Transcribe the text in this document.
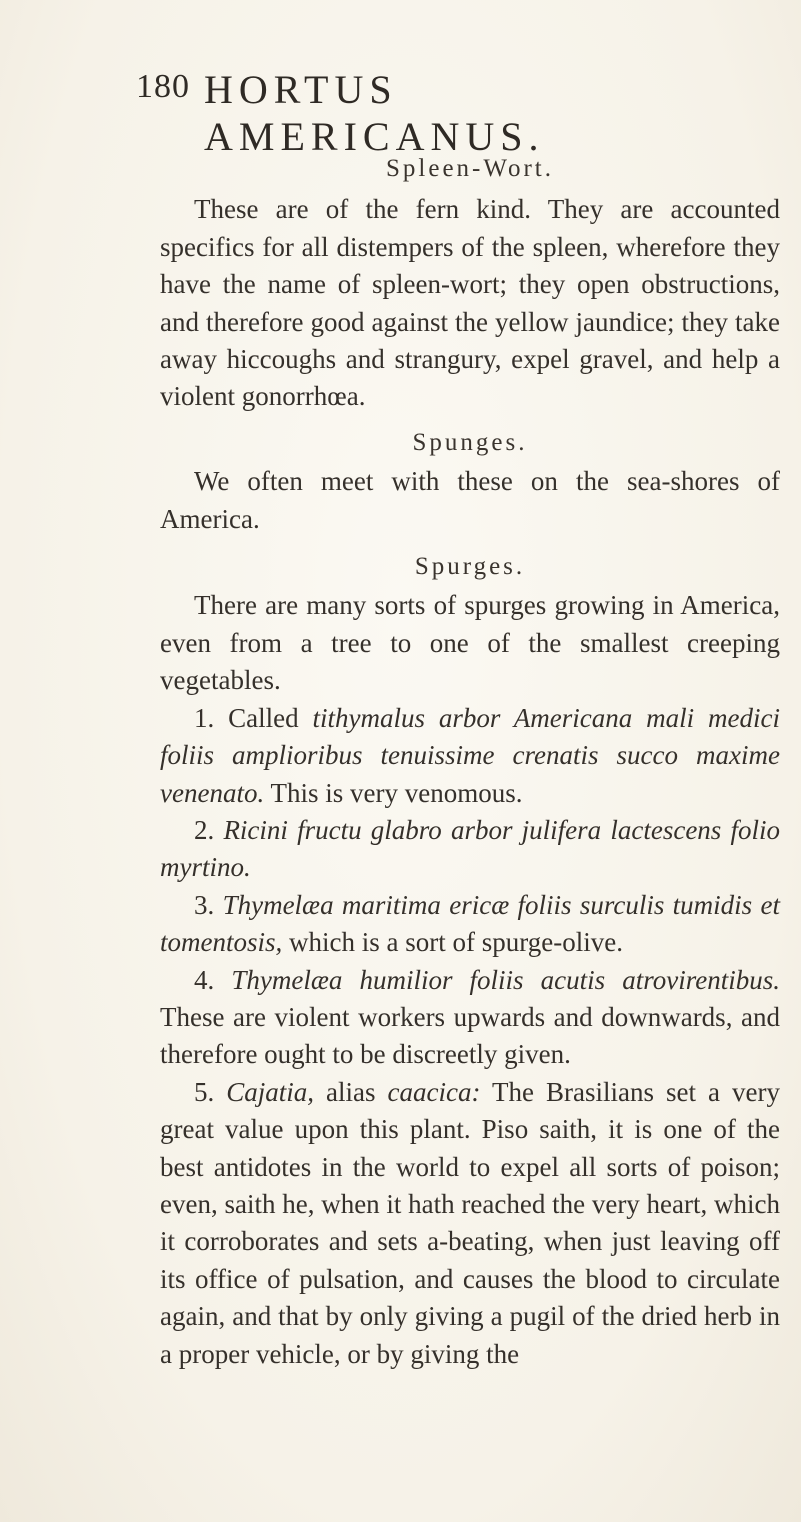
180 HORTUS AMERICANUS.

Spleen-Wort.

These are of the fern kind. They are accounted specifics for all distempers of the spleen, wherefore they have the name of spleen-wort; they open obstructions, and therefore good against the yellow jaundice; they take away hiccoughs and strangury, expel gravel, and help a violent gonorrhœa.

Spunges.

We often meet with these on the sea-shores of America.

Spurges.

There are many sorts of spurges growing in America, even from a tree to one of the smallest creeping vegetables.

1. Called tithymalus arbor Americana mali medici foliis amplioribus tenuissime crenatis succo maxime venenato. This is very venomous.

2. Ricini fructu glabro arbor julifera lactescens folio myrtino.

3. Thymelæa maritima ericæ foliis surculis tumidis et tomentosis, which is a sort of spurge-olive.

4. Thymelæa humilior foliis acutis atrovirentibus. These are violent workers upwards and downwards, and therefore ought to be discreetly given.

5. Cajatia, alias caacica: The Brasilians set a very great value upon this plant. Piso saith, it is one of the best antidotes in the world to expel all sorts of poison; even, saith he, when it hath reached the very heart, which it corroborates and sets a-beating, when just leaving off its office of pulsation, and causes the blood to circulate again, and that by only giving a pugil of the dried herb in a proper vehicle, or by giving the
